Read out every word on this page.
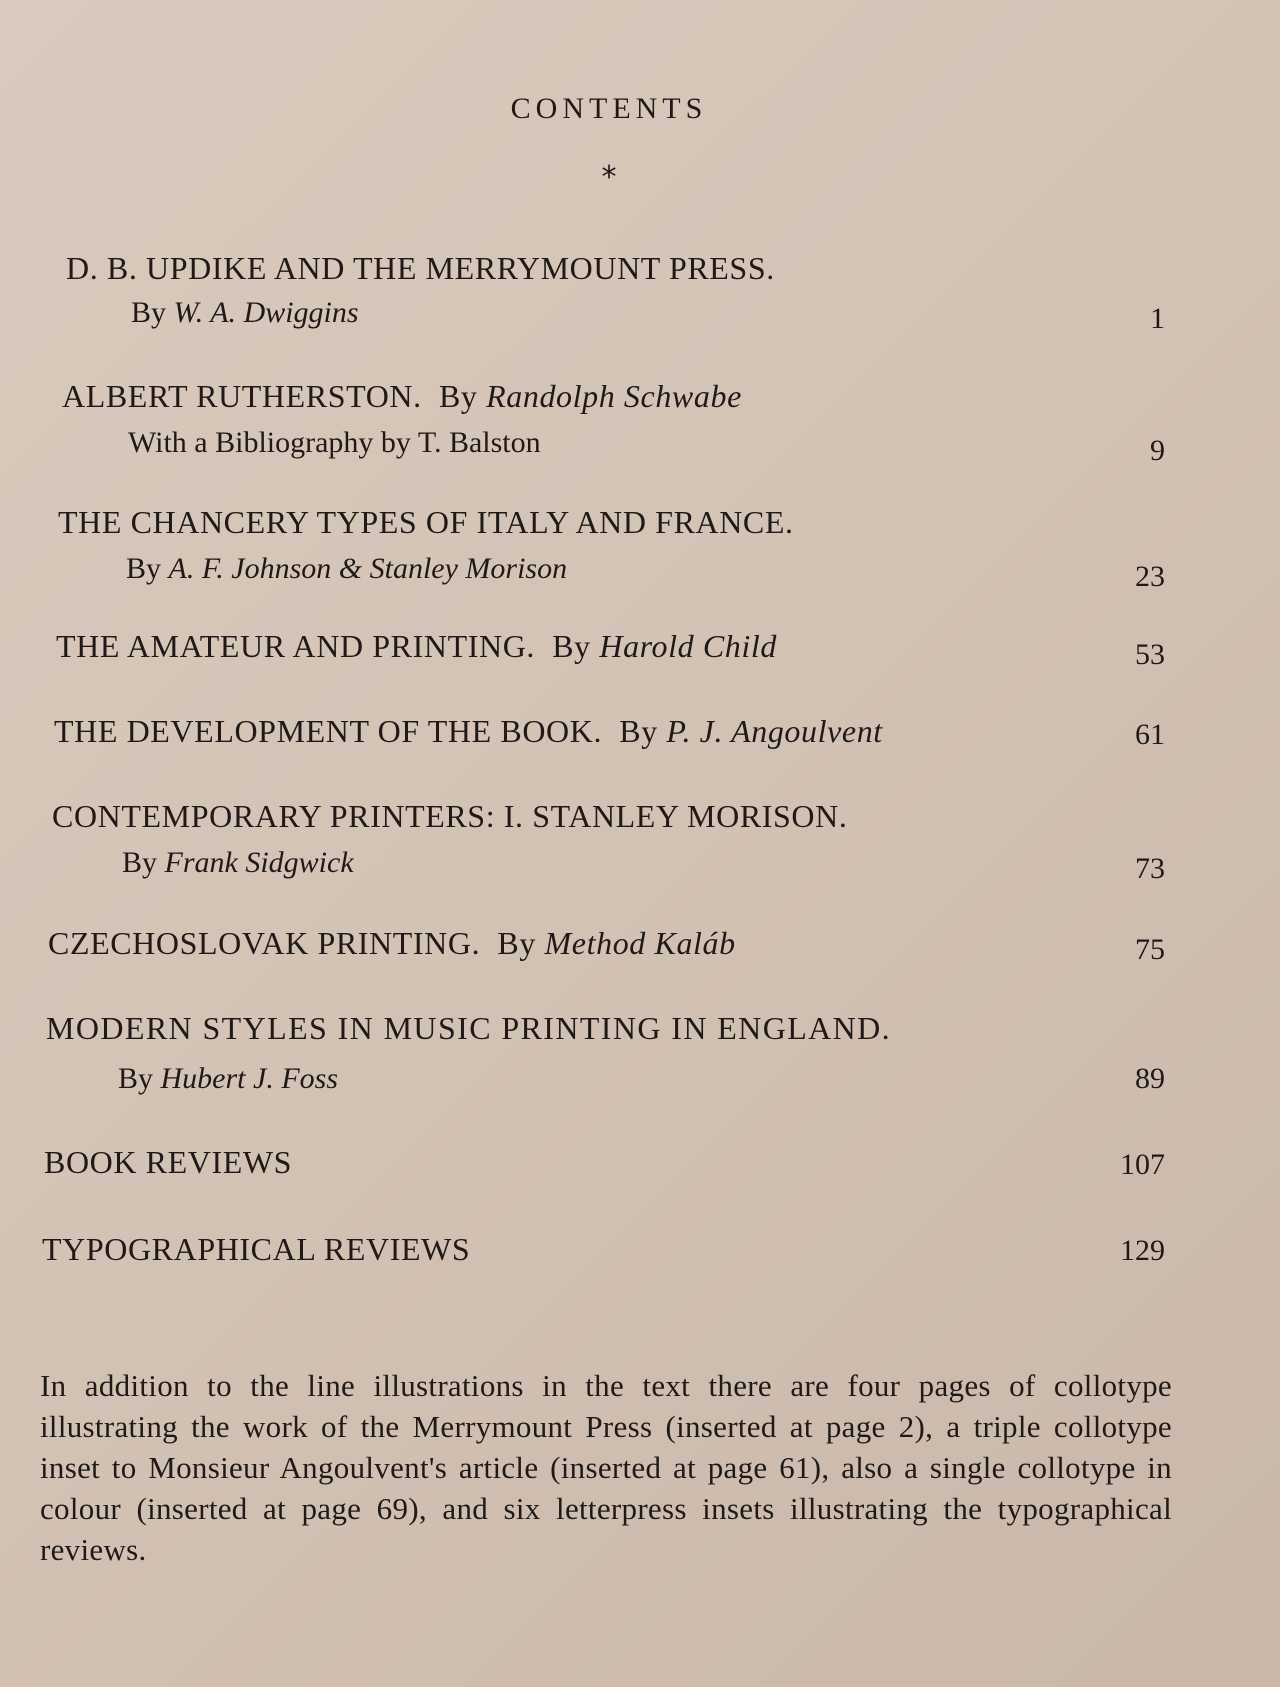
CONTENTS
*
D. B. UPDIKE AND THE MERRYMOUNT PRESS.
By W. A. Dwiggins	1
ALBERT RUTHERSTON. By Randolph Schwabe
With a Bibliography by T. Balston	9
THE CHANCERY TYPES OF ITALY AND FRANCE.
By A. F. Johnson & Stanley Morison	23
THE AMATEUR AND PRINTING. By Harold Child	53
THE DEVELOPMENT OF THE BOOK. By P. J. Angoulvent	61
CONTEMPORARY PRINTERS: I. STANLEY MORISON.
By Frank Sidgwick	73
CZECHOSLOVAK PRINTING. By Method Kaláb	75
MODERN STYLES IN MUSIC PRINTING IN ENGLAND.
By Hubert J. Foss	89
BOOK REVIEWS	107
TYPOGRAPHICAL REVIEWS	129
In addition to the line illustrations in the text there are four pages of collotype illustrating the work of the Merrymount Press (inserted at page 2), a triple collotype inset to Monsieur Angoulvent's article (inserted at page 61), also a single collotype in colour (inserted at page 69), and six letterpress insets illustrating the typographical reviews.
